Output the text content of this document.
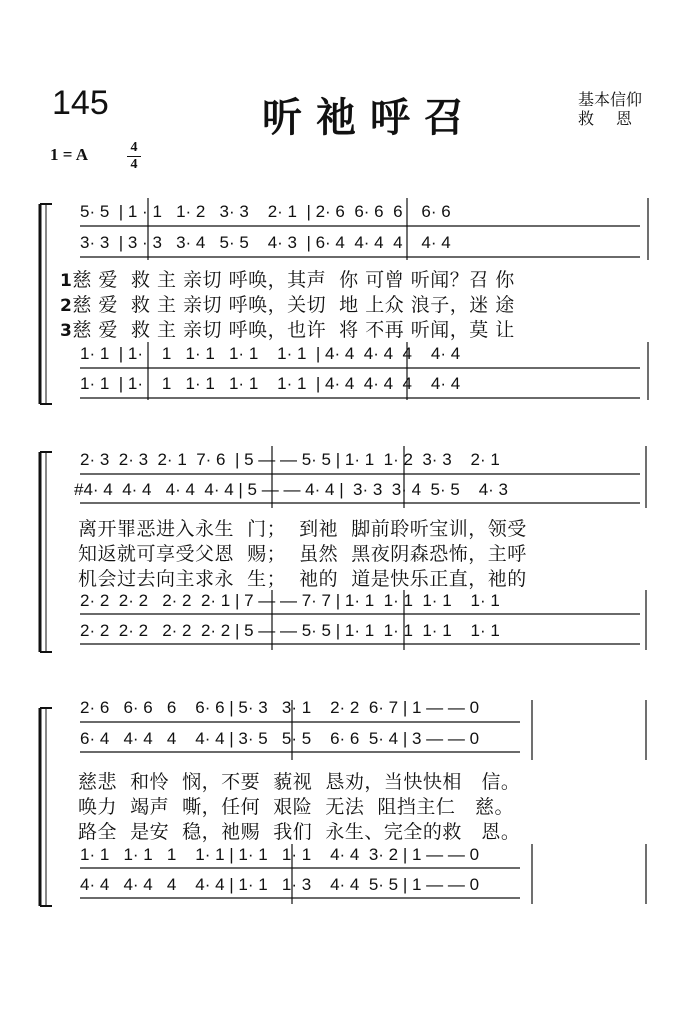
145	听祂呼召	基本信仰
救恩
1 = A	4
4
5· 5  | 1 · 1   1· 2   3· 3    2· 1  | 2· 6  6· 6  6    6· 6
3· 3  | 3 · 3   3· 4   5· 5    4· 3  | 6· 4  4· 4  4    4· 4
1慈 爱  救 主 亲切 呼唤，其声  你 可曾 听闻？召 你
2慈 爱  救 主 亲切 呼唤，关切  地 上众 浪子，迷 途
3慈 爱  救 主 亲切 呼唤，也许  将 不再 听闻，莫 让
1· 1  | 1·    1   1· 1   1· 1    1· 1  | 4· 4  4· 4  4    4· 4
1· 1  | 1·    1   1· 1   1· 1    1· 1  | 4· 4  4· 4  4    4· 4
2· 3  2· 3  2· 1  7· 6  | 5 — — 5· 5 | 1· 1  1· 2  3· 3    2· 1
#4· 4  4· 4   4· 4  4· 4 | 5 — — 4· 4 |  3· 3  3· 4  5· 5    4· 3
离开罪恶进入永生  门；  到祂  脚前聆听宝训，领受
知返就可享受父恩  赐；  虽然  黑夜阴森恐怖，主呼
机会过去向主求永  生；  祂的  道是快乐正直，祂的
2· 2  2· 2   2· 2  2· 1 | 7 — — 7· 7 | 1· 1  1· 1  1· 1    1· 1
2· 2  2· 2   2· 2  2· 2 | 5 — — 5· 5 | 1· 1  1· 1  1· 1    1· 1
2· 6   6· 6   6    6· 6 | 5· 3   3· 1    2· 2  6· 7 | 1 — — 0
6· 4   4· 4   4    4· 4 | 3· 5   5· 5    6· 6  5· 4 | 3 — — 0
慈悲  和怜  悯，不要  藐视  恳劝，当快快相   信。
唤力  竭声  嘶，任何  艰险  无法  阻挡主仁   慈。
路全  是安  稳，祂赐  我们  永生、完全的救   恩。
1· 1   1· 1   1    1· 1 | 1· 1   1· 1    4· 4  3· 2 | 1 — — 0
4· 4   4· 4   4    4· 4 | 1· 1   1· 3    4· 4  5· 5 | 1 — — 0
